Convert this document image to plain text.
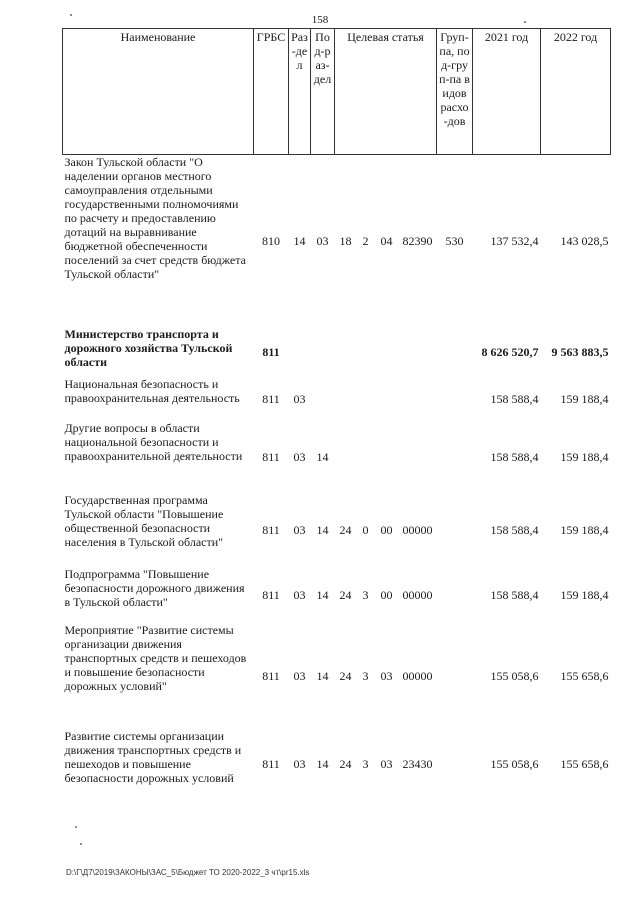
158
Наименование	ГРБС	Раз-дел	Под-раз-дел	Целевая статья				Груп-па, под-груп-па видов расхо-дов	2021 год	2022 год
Закон Тульской области "О наделении органов местного самоуправления отдельными государственными полномочиями по расчету и предоставлению дотаций на выравнивание бюджетной обеспеченности поселений за счет средств бюджета Тульской области"	810	14	03	18	2	04	82390	530	137 532,4	143 028,5
Министерство транспорта и дорожного хозяйства Тульской области	811								8 626 520,7	9 563 883,5
Национальная безопасность и правоохранительная деятельность	811	03							158 588,4	159 188,4
Другие вопросы в области национальной безопасности и правоохранительной деятельности	811	03	14						158 588,4	159 188,4
Государственная программа Тульской области "Повышение общественной безопасности населения в Тульской области"	811	03	14	24	0	00	00000		158 588,4	159 188,4
Подпрограмма "Повышение безопасности дорожного движения в Тульской области"	811	03	14	24	3	00	00000		158 588,4	159 188,4
Мероприятие "Развитие системы организации движения транспортных средств и пешеходов и повышение безопасности дорожных условий"	811	03	14	24	3	03	00000		155 058,6	155 658,6
Развитие системы организации движения транспортных средств и пешеходов и повышение безопасности дорожных условий	811	03	14	24	3	03	23430		155 058,6	155 658,6
D:\Г\Д7\2019\ЗАКОНЫ\ЗАС_5\Бюджет ТО 2020-2022_3 чт\pr15.xls
